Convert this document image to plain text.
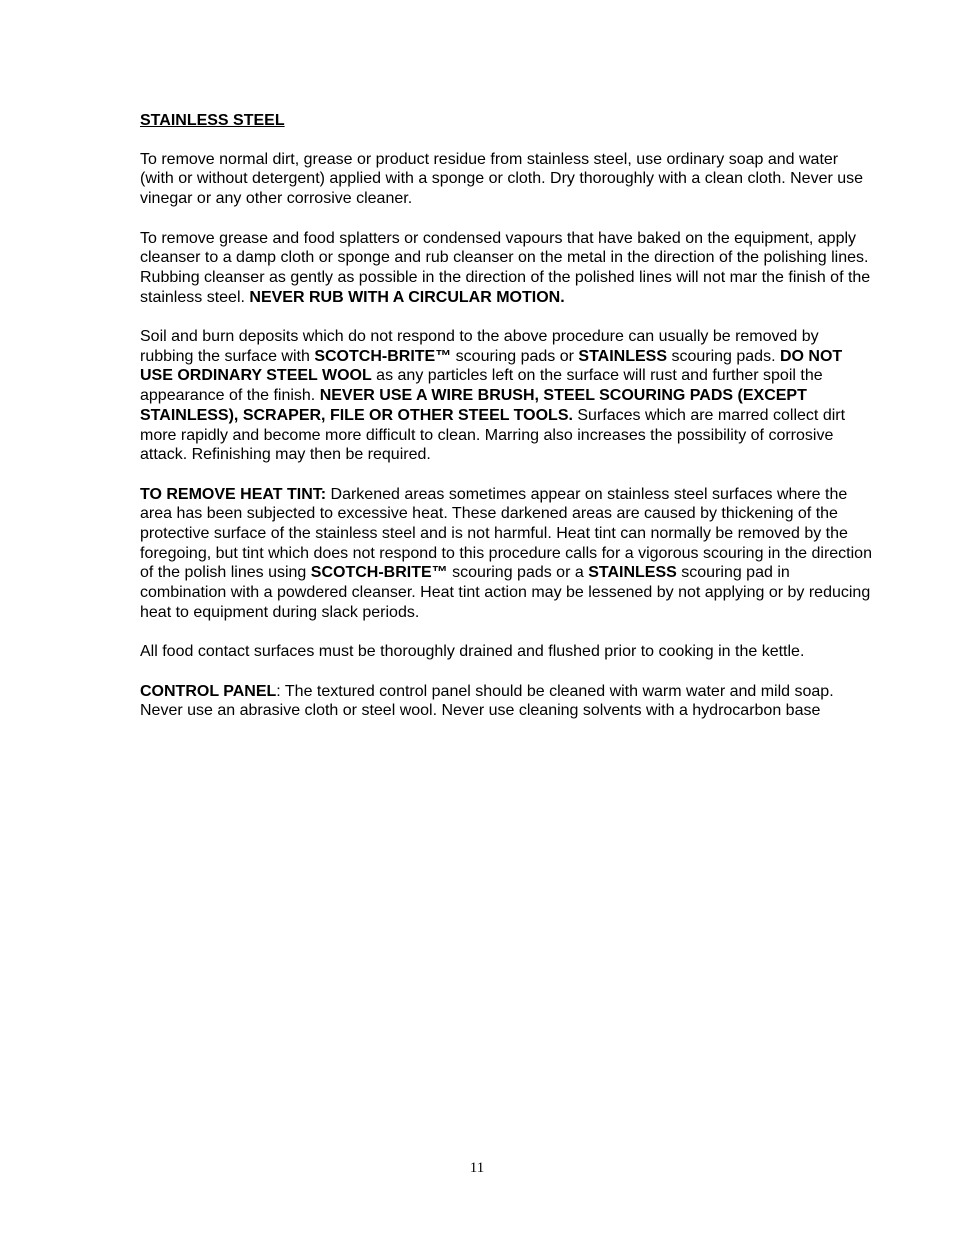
STAINLESS STEEL

To remove normal dirt, grease or product residue from stainless steel, use ordinary soap and water (with or without detergent) applied with a sponge or cloth. Dry thoroughly with a clean cloth. Never use vinegar or any other corrosive cleaner.

To remove grease and food splatters or condensed vapours that have baked on the equipment, apply cleanser to a damp cloth or sponge and rub cleanser on the metal in the direction of the polishing lines. Rubbing cleanser as gently as possible in the direction of the polished lines will not mar the finish of the stainless steel. NEVER RUB WITH A CIRCULAR MOTION.

Soil and burn deposits which do not respond to the above procedure can usually be removed by rubbing the surface with SCOTCH-BRITE™ scouring pads or STAINLESS scouring pads. DO NOT USE ORDINARY STEEL WOOL as any particles left on the surface will rust and further spoil the appearance of the finish. NEVER USE A WIRE BRUSH, STEEL SCOURING PADS (EXCEPT STAINLESS), SCRAPER, FILE OR OTHER STEEL TOOLS. Surfaces which are marred collect dirt more rapidly and become more difficult to clean. Marring also increases the possibility of corrosive attack. Refinishing may then be required.

TO REMOVE HEAT TINT: Darkened areas sometimes appear on stainless steel surfaces where the area has been subjected to excessive heat. These darkened areas are caused by thickening of the protective surface of the stainless steel and is not harmful. Heat tint can normally be removed by the foregoing, but tint which does not respond to this procedure calls for a vigorous scouring in the direction of the polish lines using SCOTCH-BRITE™ scouring pads or a STAINLESS scouring pad in combination with a powdered cleanser. Heat tint action may be lessened by not applying or by reducing heat to equipment during slack periods.

All food contact surfaces must be thoroughly drained and flushed prior to cooking in the kettle.

CONTROL PANEL: The textured control panel should be cleaned with warm water and mild soap. Never use an abrasive cloth or steel wool. Never use cleaning solvents with a hydrocarbon base

11
